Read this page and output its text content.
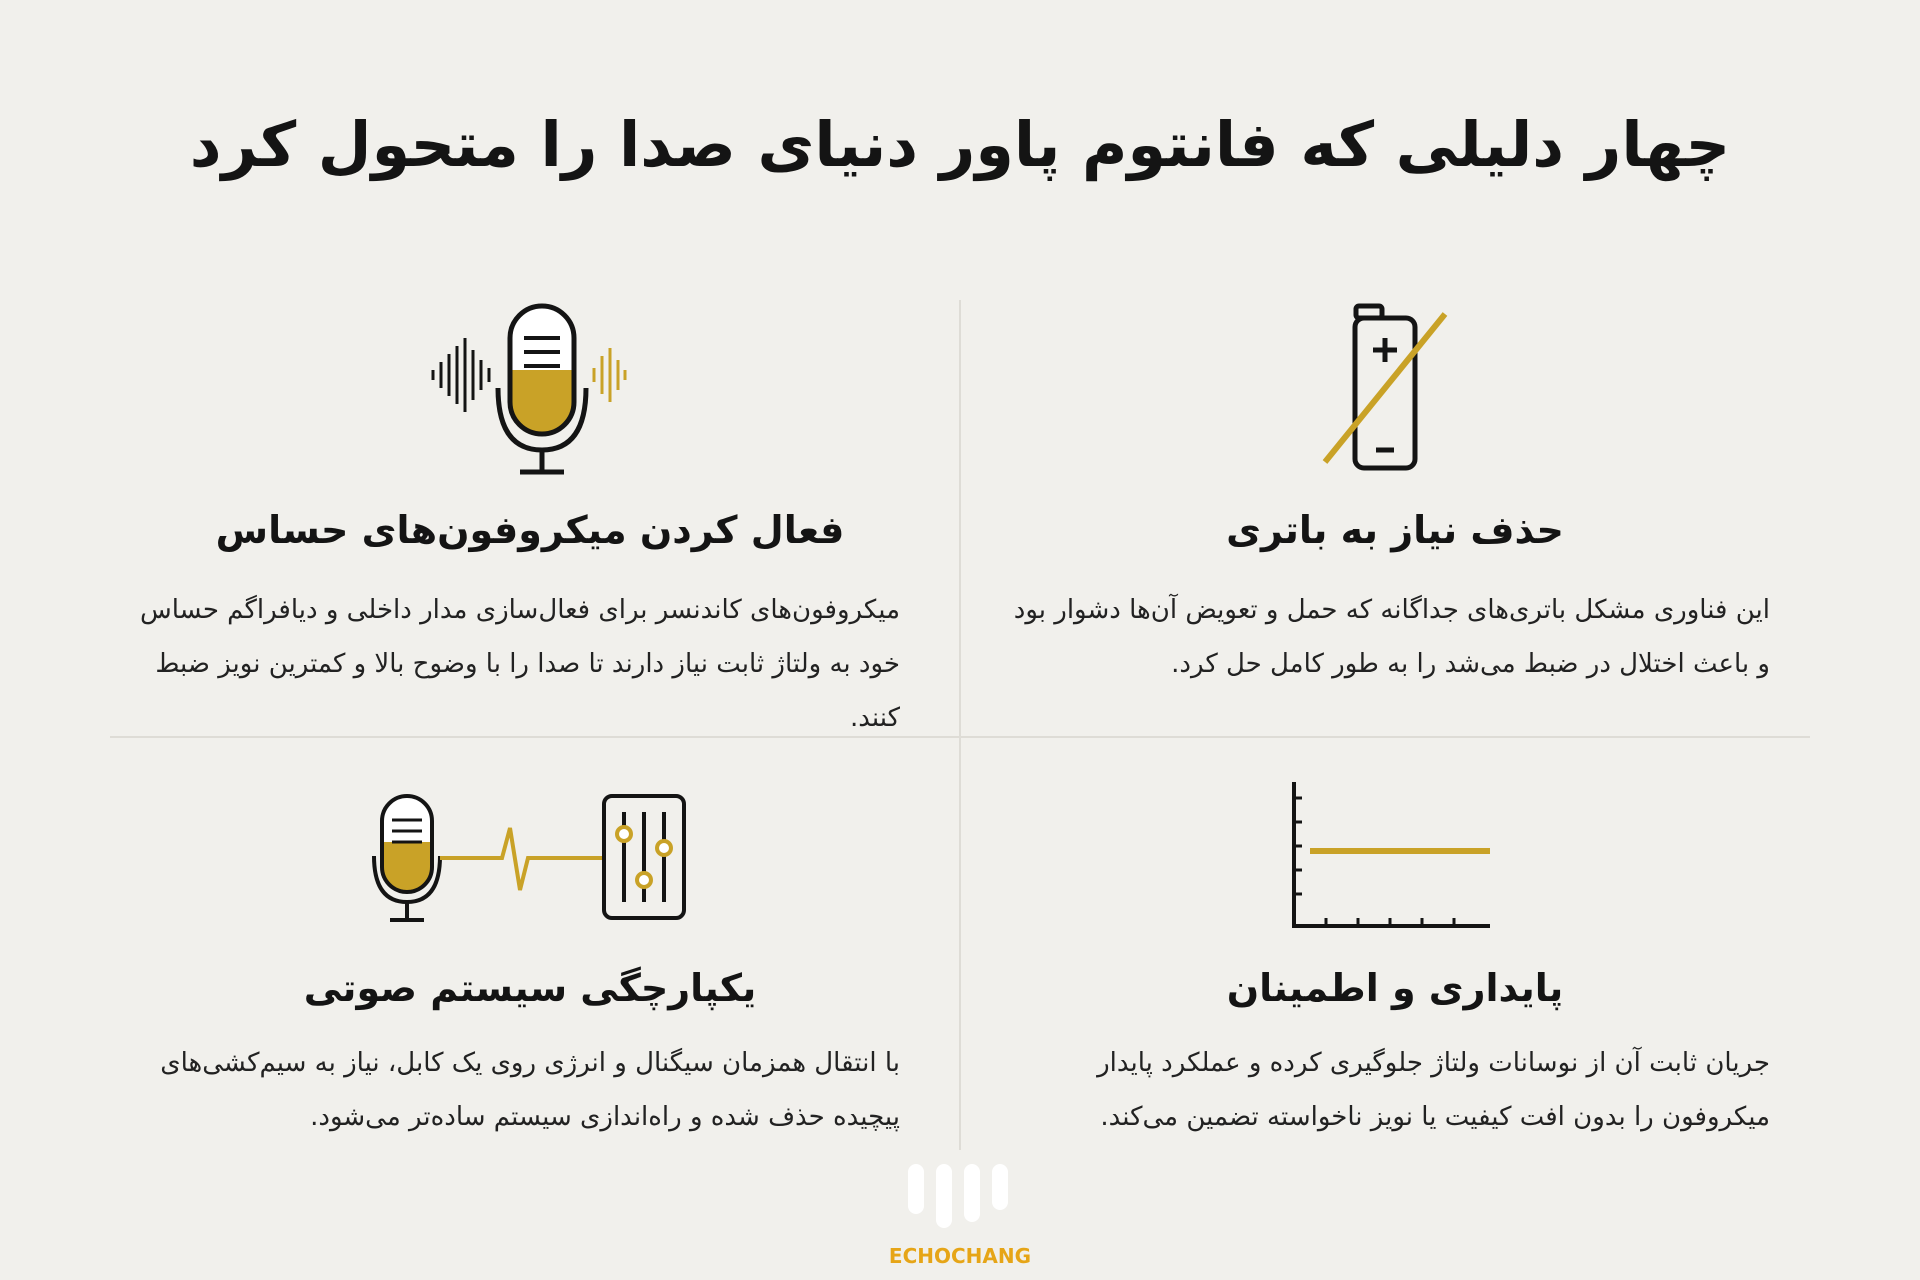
چهار دلیلی که فانتوم پاور دنیای صدا را متحول کرد
حذف نیاز به باتری
این فناوری مشکل باتری‌های جداگانه که حمل و تعویض آن‌ها دشوار بود و باعث اختلال در ضبط می‌شد را به طور کامل حل کرد.
فعال کردن میکروفون‌های حساس
میکروفون‌های کاندنسر برای فعال‌سازی مدار داخلی و دیافراگم حساس خود به ولتاژ ثابت نیاز دارند تا صدا را با وضوح بالا و کمترین نویز ضبط کنند.
پایداری و اطمینان
جریان ثابت آن از نوسانات ولتاژ جلوگیری کرده و عملکرد پایدار میکروفون را بدون افت کیفیت یا نویز ناخواسته تضمین می‌کند.
یکپارچگی سیستم صوتی
با انتقال همزمان سیگنال و انرژی روی یک کابل، نیاز به سیم‌کشی‌های پیچیده حذف شده و راه‌اندازی سیستم ساده‌تر می‌شود.
ECHOCHANG
